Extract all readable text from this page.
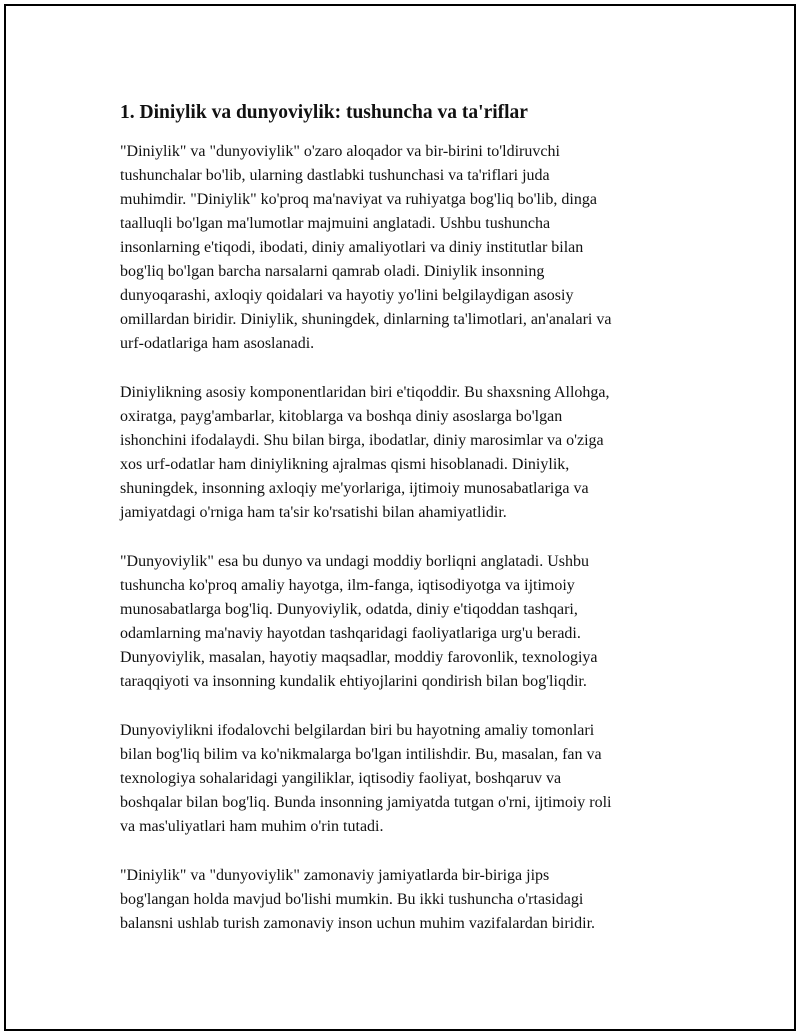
1. Diniylik va dunyoviylik: tushuncha va ta'riflar
"Diniylik" va "dunyoviylik" o'zaro aloqador va bir-birini to'ldiruvchi
tushunchalar bo'lib, ularning dastlabki tushunchasi va ta'riflari juda
muhimdir. "Diniylik" ko'proq ma'naviyat va ruhiyatga bog'liq bo'lib, dinga
taalluqli bo'lgan ma'lumotlar majmuini anglatadi. Ushbu tushuncha
insonlarning e'tiqodi, ibodati, diniy amaliyotlari va diniy institutlar bilan
bog'liq bo'lgan barcha narsalarni qamrab oladi. Diniylik insonning
dunyoqarashi, axloqiy qoidalari va hayotiy yo'lini belgilaydigan asosiy
omillardan biridir. Diniylik, shuningdek, dinlarning ta'limotlari, an'analari va
urf-odatlariga ham asoslanadi.
Diniylikning asosiy komponentlaridan biri e'tiqoddir. Bu shaxsning Allohga,
oxiratga, payg'ambarlar, kitoblarga va boshqa diniy asoslarga bo'lgan
ishonchini ifodalaydi. Shu bilan birga, ibodatlar, diniy marosimlar va o'ziga
xos urf-odatlar ham diniylikning ajralmas qismi hisoblanadi. Diniylik,
shuningdek, insonning axloqiy me'yorlariga, ijtimoiy munosabatlariga va
jamiyatdagi o'rniga ham ta'sir ko'rsatishi bilan ahamiyatlidir.
"Dunyoviylik" esa bu dunyo va undagi moddiy borliqni anglatadi. Ushbu
tushuncha ko'proq amaliy hayotga, ilm-fanga, iqtisodiyotga va ijtimoiy
munosabatlarga bog'liq. Dunyoviylik, odatda, diniy e'tiqoddan tashqari,
odamlarning ma'naviy hayotdan tashqaridagi faoliyatlariga urg'u beradi.
Dunyoviylik, masalan, hayotiy maqsadlar, moddiy farovonlik, texnologiya
taraqqiyoti va insonning kundalik ehtiyojlarini qondirish bilan bog'liqdir.
Dunyoviylikni ifodalovchi belgilardan biri bu hayotning amaliy tomonlari
bilan bog'liq bilim va ko'nikmalarga bo'lgan intilishdir. Bu, masalan, fan va
texnologiya sohalaridagi yangiliklar, iqtisodiy faoliyat, boshqaruv va
boshqalar bilan bog'liq. Bunda insonning jamiyatda tutgan o'rni, ijtimoiy roli
va mas'uliyatlari ham muhim o'rin tutadi.
"Diniylik" va "dunyoviylik" zamonaviy jamiyatlarda bir-biriga jips
bog'langan holda mavjud bo'lishi mumkin. Bu ikki tushuncha o'rtasidagi
balansni ushlab turish zamonaviy inson uchun muhim vazifalardan biridir.
